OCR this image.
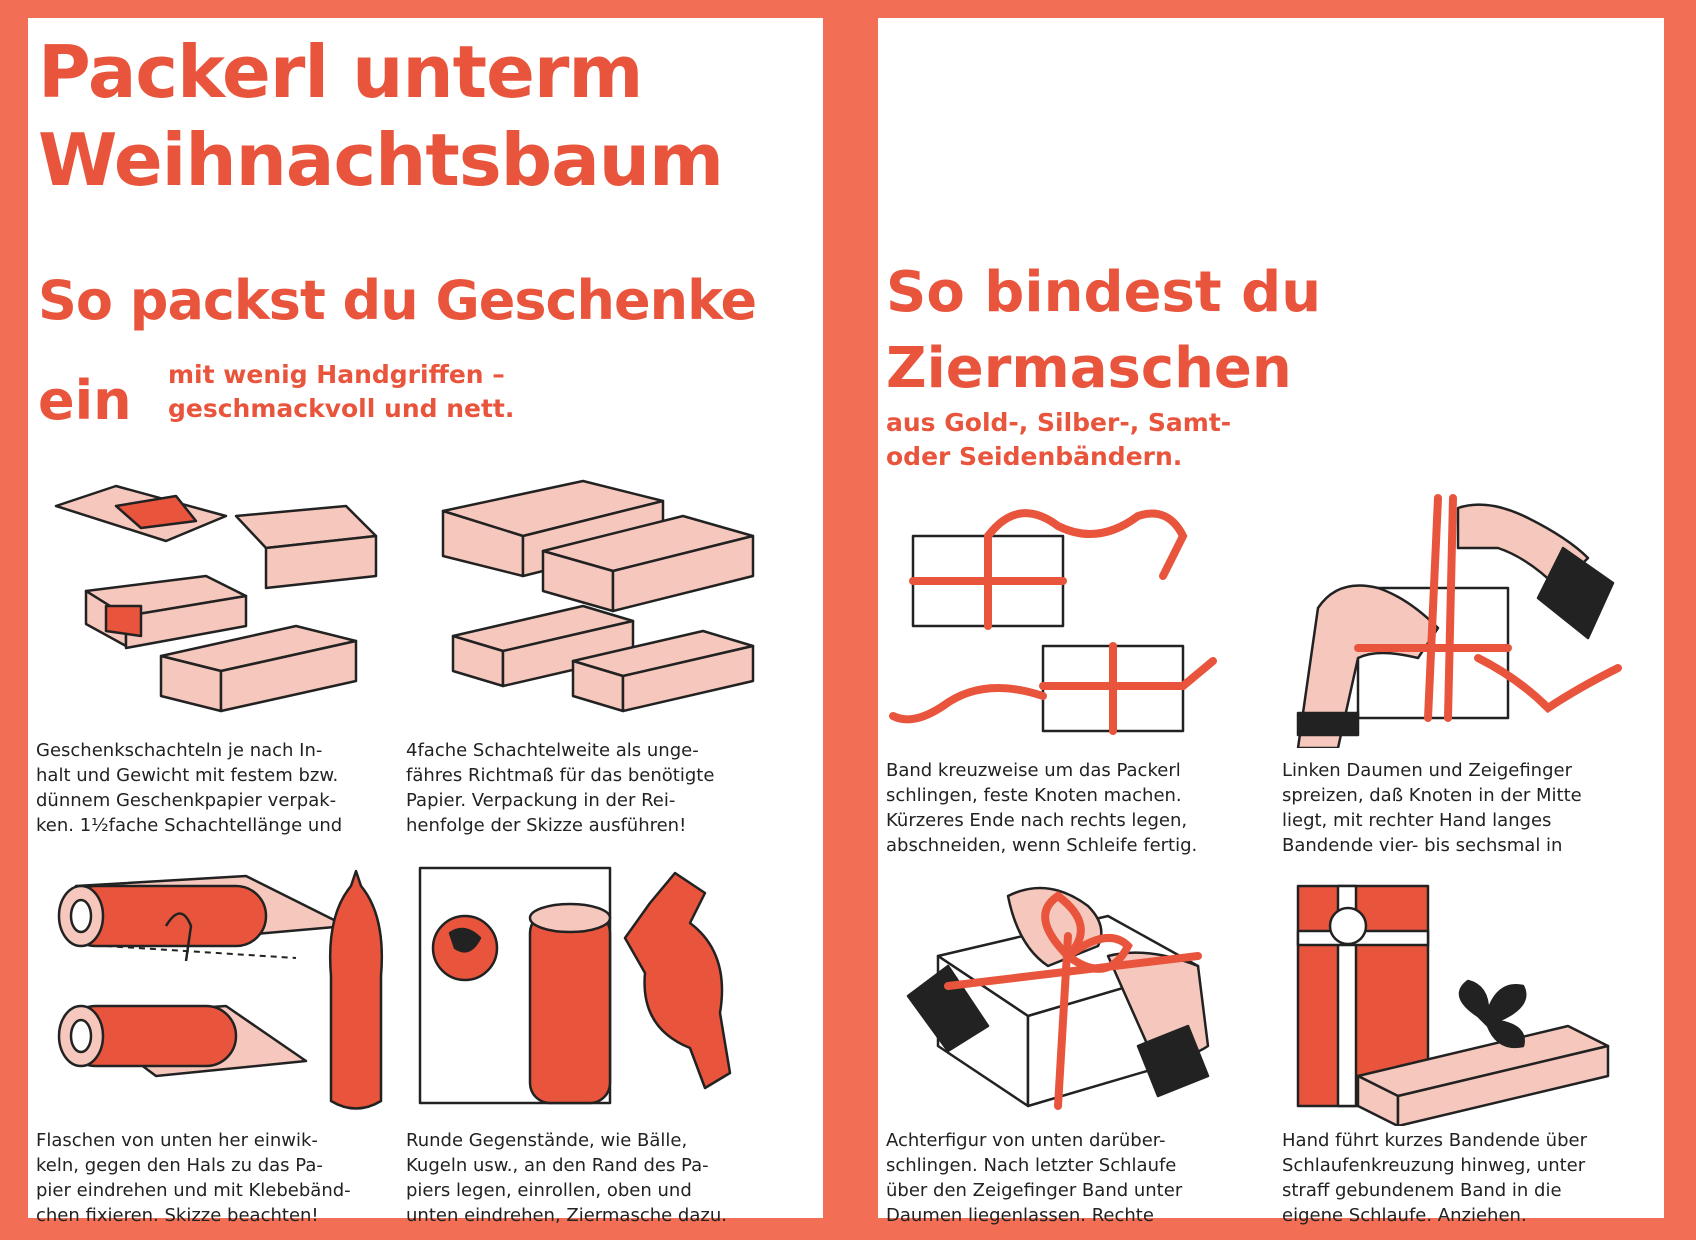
Packerl unterm
Weihnachtsbaum
So packst du Geschenke
ein mit wenig Handgriffen –
geschmackvoll und nett.

Geschenkschachteln je nach In-
halt und Gewicht mit festem bzw.
dünnem Geschenkpapier verpak-
ken. 1½fache Schachtellänge und

4fache Schachtelweite als unge-
fähres Richtmaß für das benötigte
Papier. Verpackung in der Rei-
henfolge der Skizze ausführen!

Flaschen von unten her einwik-
keln, gegen den Hals zu das Pa-
pier eindrehen und mit Klebebänd-
chen fixieren. Skizze beachten!

Runde Gegenstände, wie Bälle,
Kugeln usw., an den Rand des Pa-
piers legen, einrollen, oben und
unten eindrehen, Ziermasche dazu.

So bindest du
Ziermaschen

aus Gold-, Silber-, Samt-
oder Seidenbändern.

Band kreuzweise um das Packerl
schlingen, feste Knoten machen.
Kürzeres Ende nach rechts legen,
abschneiden, wenn Schleife fertig.

Linken Daumen und Zeigefinger
spreizen, daß Knoten in der Mitte
liegt, mit rechter Hand langes
Bandende vier- bis sechsmal in

Achterfigur von unten darüber-
schlingen. Nach letzter Schlaufe
über den Zeigefinger Band unter
Daumen liegenlassen. Rechte

Hand führt kurzes Bandende über
Schlaufenkreuzung hinweg, unter
straff gebundenem Band in die
eigene Schlaufe. Anziehen.
